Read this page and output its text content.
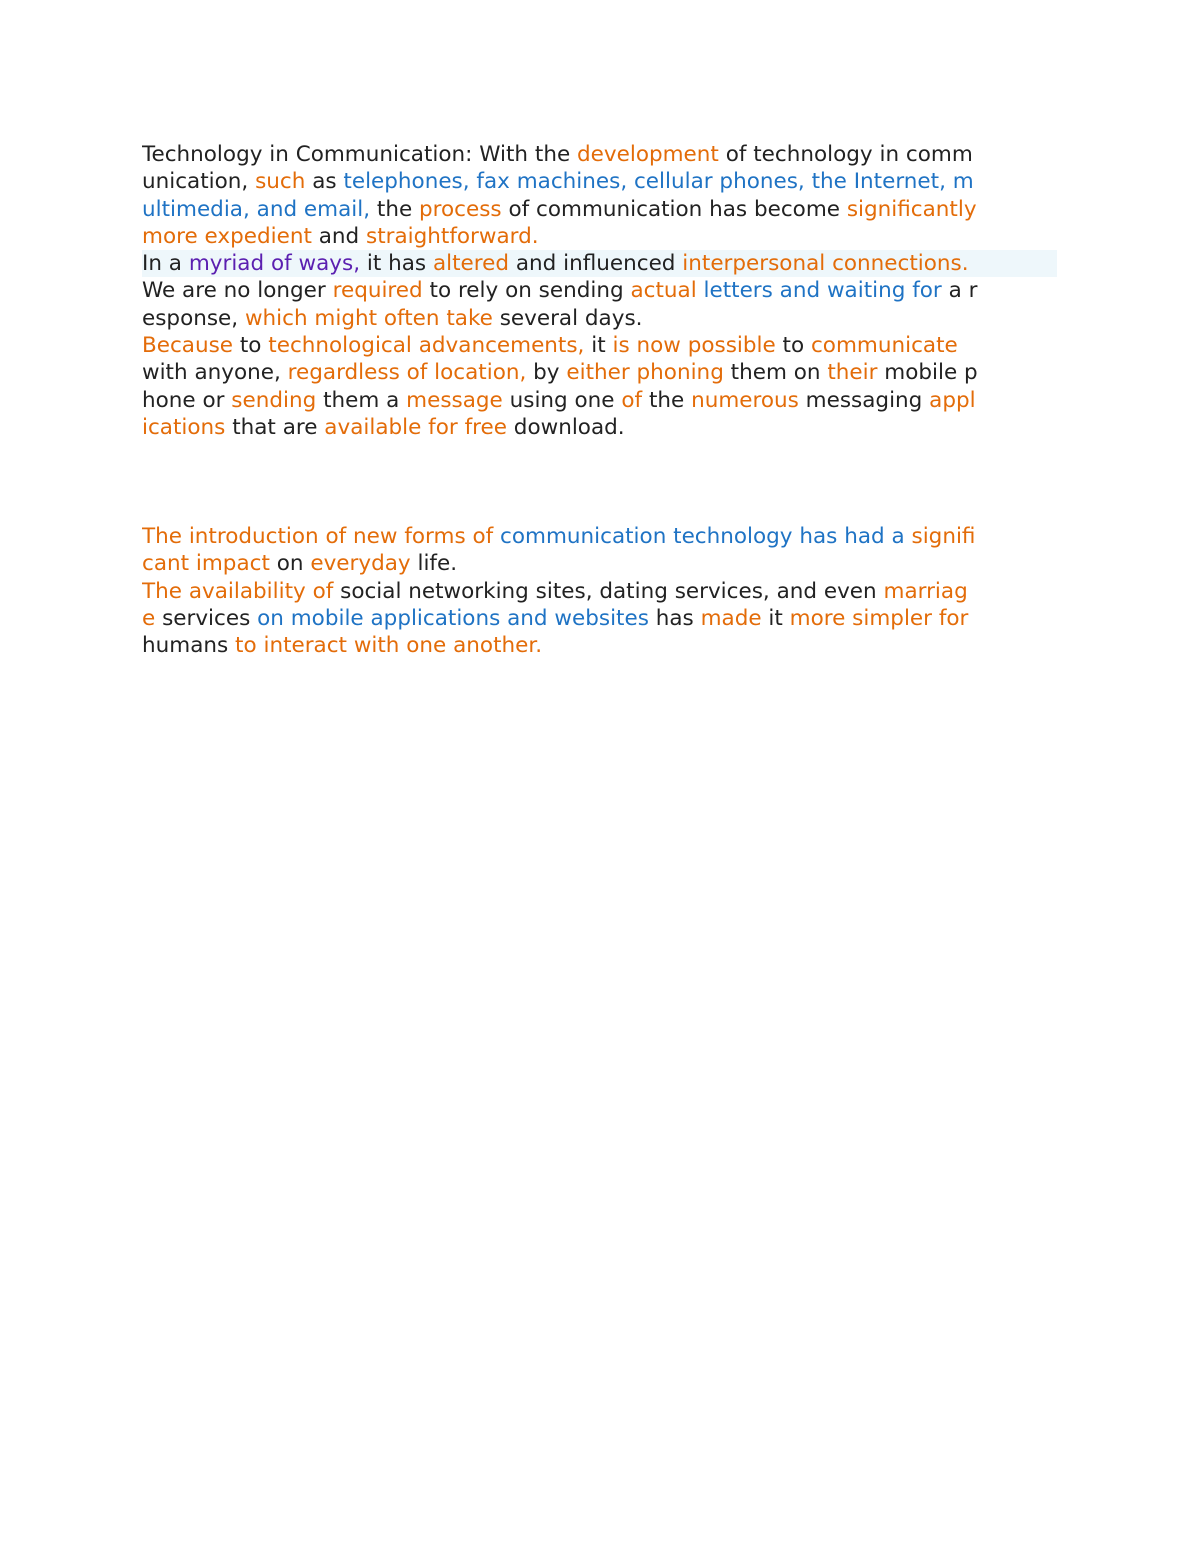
Technology in Communication: With the development of technology in comm
unication, such as telephones, fax machines, cellular phones, the Internet, m
ultimedia, and email, the process of communication has become significantly
more expedient and straightforward.
In a myriad of ways, it has altered and influenced interpersonal connections.
We are no longer required to rely on sending actual letters and waiting for a r
esponse, which might often take several days.
Because to technological advancements, it is now possible to communicate
with anyone, regardless of location, by either phoning them on their mobile p
hone or sending them a message using one of the numerous messaging appl
ications that are available for free download.
The introduction of new forms of communication technology has had a signifi
cant impact on everyday life.
The availability of social networking sites, dating services, and even marriag
e services on mobile applications and websites has made it more simpler for
humans to interact with one another.
